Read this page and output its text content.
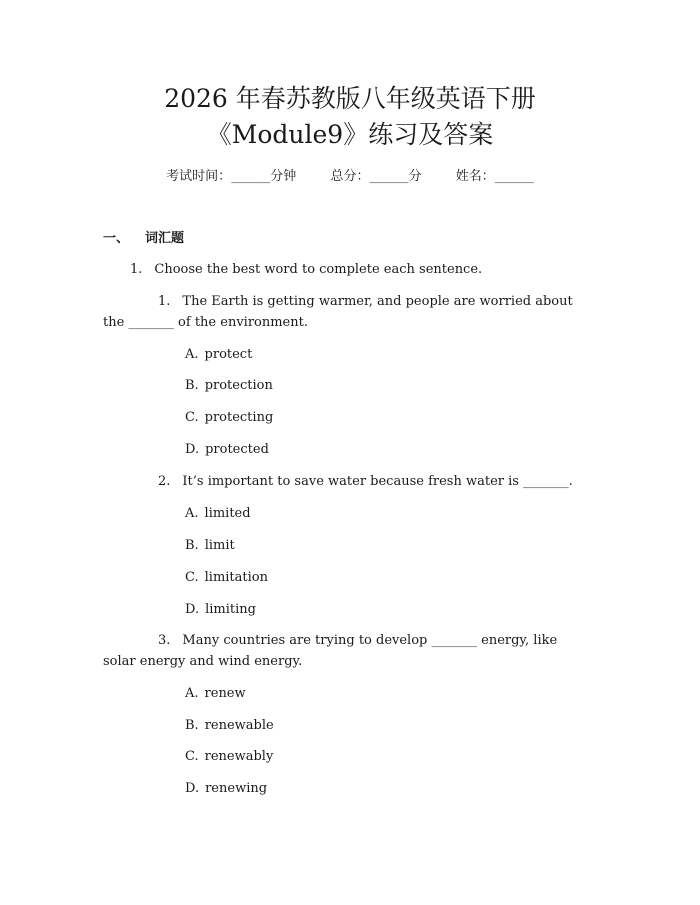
2026 年春苏教版八年级英语下册
《Module9》练习及答案
考试时间：______分钟	总分：______分	姓名：______
一、 词汇题
1. Choose the best word to complete each sentence.
1. The Earth is getting warmer, and people are worried about
the _______ of the environment.
A. protect
B. protection
C. protecting
D. protected
2. It’s important to save water because fresh water is _______.
A. limited
B. limit
C. limitation
D. limiting
3. Many countries are trying to develop _______ energy, like
solar energy and wind energy.
A. renew
B. renewable
C. renewably
D. renewing
